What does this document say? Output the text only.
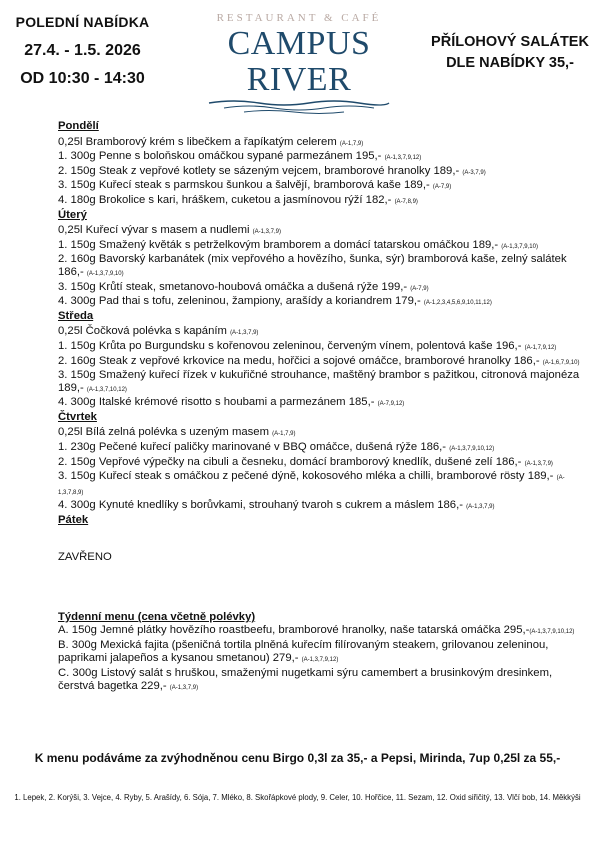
POLEDNÍ NABÍDKA
27.4. - 1.5. 2026
OD 10:30 - 14:30
RESTAURANT & CAFÉ
CAMPUS RIVER
PŘÍLOHOVÝ SALÁTEK
DLE NABÍDKY 35,-
Pondělí
0,25l Bramborový krém s libečkem a řapíkatým celerem (A-1,7,9)
1. 300g Penne s boloňskou omáčkou sypané parmezánem 195,- (A-1,3,7,9,12)
2. 150g Steak z vepřové kotlety se sázeným vejcem, bramborové hranolky 189,- (A-3,7,9)
3. 150g Kuřecí steak s parmskou šunkou a šalvějí, bramborová kaše 189,- (A-7,9)
4. 180g Brokolice s kari, hráškem, cuketou a jasmínovou rýží 182,- (A-7,8,9)
Úterý
0,25l Kuřecí vývar s masem a nudlemi (A-1,3,7,9)
1. 150g Smažený květák s petrželkovým bramborem a domácí tatarskou omáčkou 189,- (A-1,3,7,9,10)
2. 160g Bavorský karbanátek (mix vepřového a hovězího, šunka, sýr) bramborová kaše, zelný salátek 186,- (A-1,3,7,9,10)
3. 150g Krůtí steak, smetanovo-houbová omáčka a dušená rýže 199,- (A-7,9)
4. 300g Pad thai s tofu, zeleninou, žampiony, arašídy a koriandrem 179,- (A-1,2,3,4,5,6,9,10,11,12)
Středa
0,25l Čočková polévka s kapáním (A-1,3,7,9)
1. 150g Krůta po Burgundsku s kořenovou zeleninou, červeným vínem, polentová kaše 196,- (A-1,7,9,12)
2. 160g Steak z vepřové krkovice na medu, hořčici a sojové omáčce, bramborové hranolky 186,- (A-1,6,7,9,10)
3. 150g Smažený kuřecí řízek v kukuřičné strouhance, maštěný brambor s pažitkou, citronová majonéza 189,- (A-1,3,7,10,12)
4. 300g Italské krémové risotto s houbami a parmezánem 185,- (A-7,9,12)
Čtvrtek
0,25l Bílá zelná polévka s uzeným masem (A-1,7,9)
1. 230g Pečené kuřecí paličky marinované v BBQ omáčce, dušená rýže 186,- (A-1,3,7,9,10,12)
2. 150g Vepřové výpečky na cibuli a česneku, domácí bramborový knedlík, dušené zelí 186,- (A-1,3,7,9)
3. 150g Kuřecí steak s omáčkou z pečené dýně, kokosového mléka a chilli, bramborové rösty 189,- (A-1,3,7,8,9)
4. 300g Kynuté knedlíky s borůvkami, strouhaný tvaroh s cukrem a máslem 186,- (A-1,3,7,9)
Pátek
ZAVŘENO
Týdenní menu (cena včetně polévky)
A. 150g Jemné plátky hovězího roastbeefu, bramborové hranolky, naše tatarská omáčka 295,-(A-1,3,7,9,10,12)
B. 300g Mexická fajita (pšeničná tortila plněná kuřecím filírovaným steakem, grilovanou zeleninou, paprikami jalapeños a kysanou smetanou) 279,- (A-1,3,7,9,12)
C. 300g Listový salát s hruškou, smaženými nugetkami sýru camembert a brusinkovým dresinkem, čerstvá bagetka 229,- (A-1,3,7,9)
K menu podáváme za zvýhodněnou cenu Birgo 0,3l za 35,- a Pepsi, Mirinda, 7up 0,25l za 55,-
1. Lepek, 2. Korýši, 3. Vejce, 4. Ryby, 5. Arašídy, 6. Sója, 7. Mléko, 8. Skořápkové plody, 9. Celer, 10. Hořčice, 11. Sezam, 12. Oxid siřičitý, 13. Vlčí bob, 14. Měkkýši
